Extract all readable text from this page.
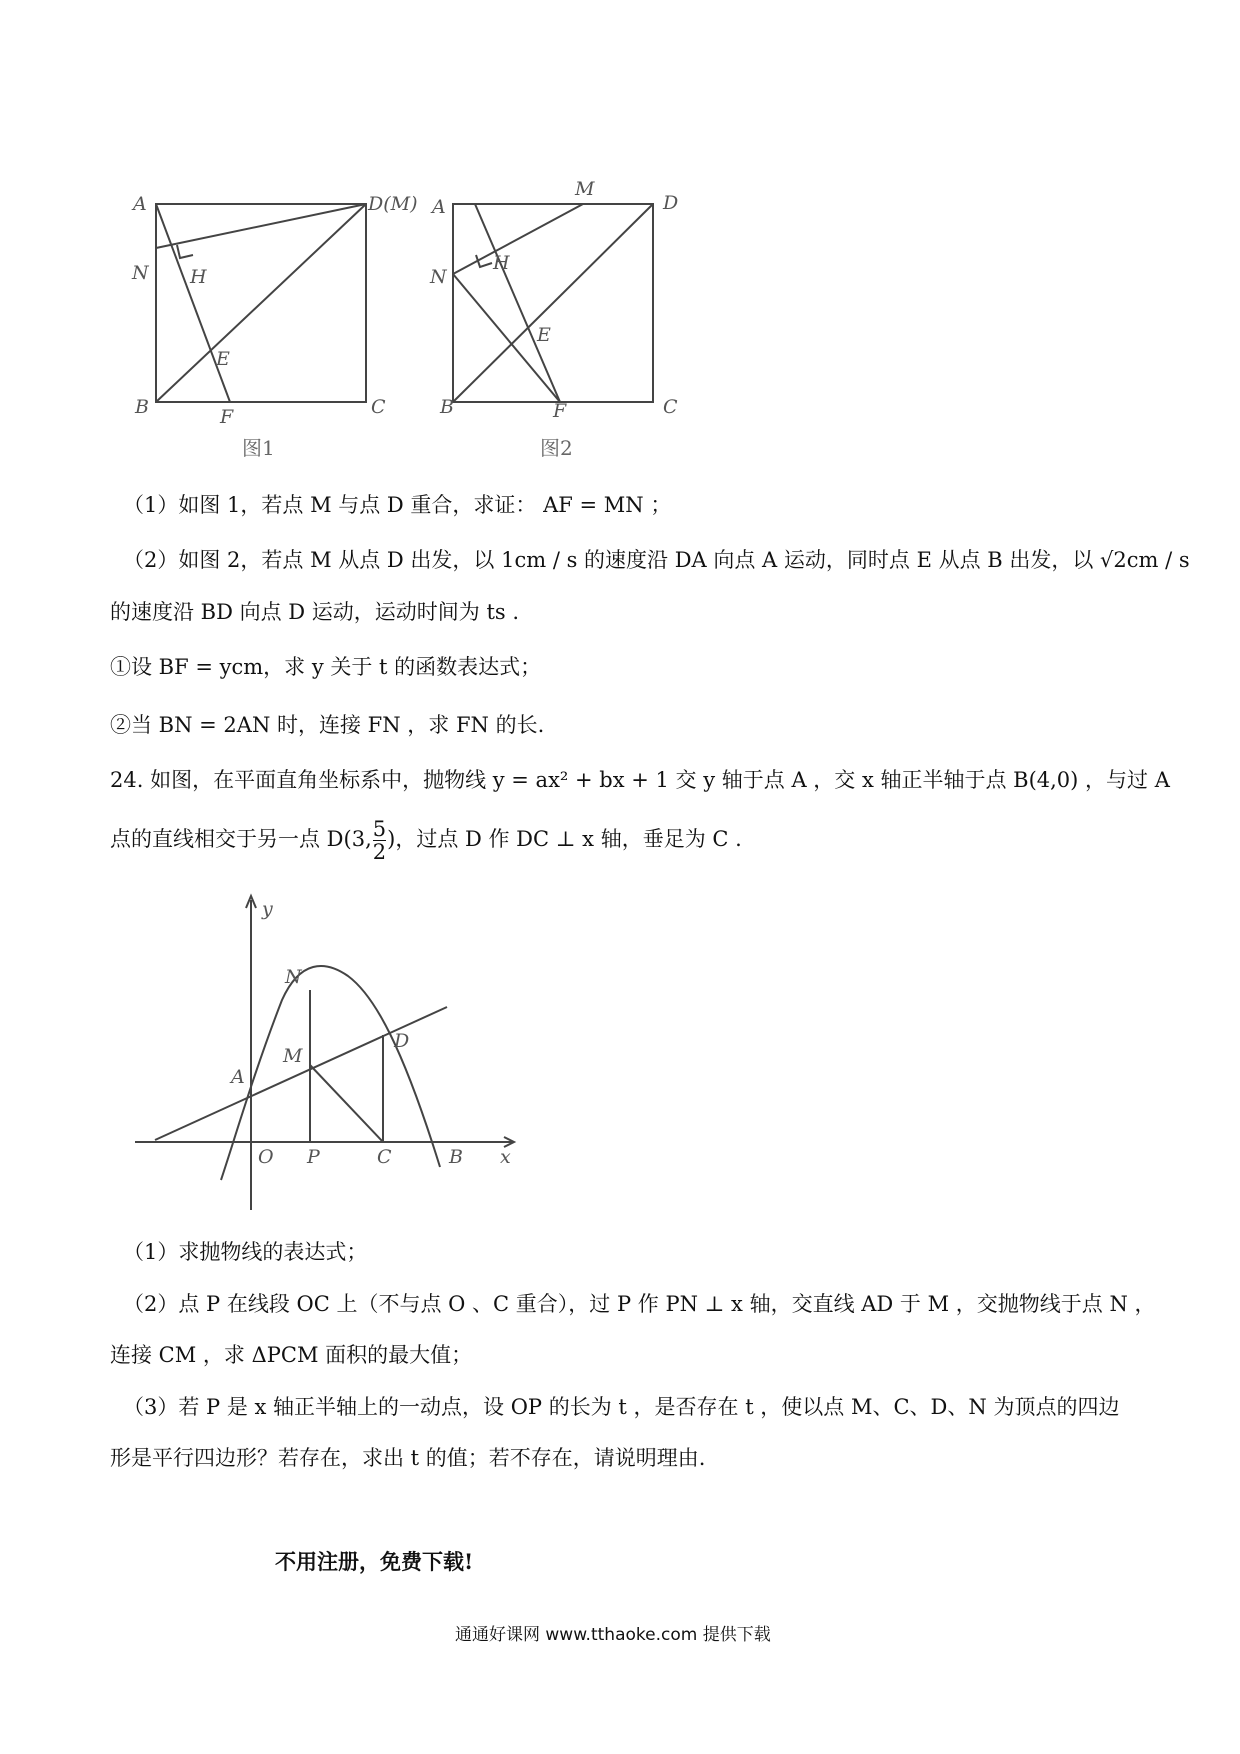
A	D(M)
N H
E
B	F	C
图1
A
M
D
N
H
E
B	F	C
图2
（1）如图 1，若点 M 与点 D 重合，求证： AF = MN ；
（2）如图 2，若点 M 从点 D 出发，以 1cm / s 的速度沿 DA 向点 A 运动，同时点 E 从点 B 出发，以 √2cm / s
的速度沿 BD 向点 D 运动，运动时间为 ts .
①设 BF = ycm，求 y 关于 t 的函数表达式；
②当 BN = 2AN 时，连接 FN ，求 FN 的长.
24. 如图，在平面直角坐标系中，抛物线 y = ax² + bx + 1 交 y 轴于点 A ，交 x 轴正半轴于点 B(4,0) ，与过 A
点的直线相交于另一点 D(3, $\frac{5}{2}$ )，过点 D 作 DC ⊥ x 轴，垂足为 C .
y
N
M
D
A
O P	C	B x
（1）求抛物线的表达式；
（2）点 P 在线段 OC 上（不与点 O 、C 重合），过 P 作 PN ⊥ x 轴，交直线 AD 于 M ，交抛物线于点 N ，
连接 CM ，求 ΔPCM 面积的最大值；
（3）若 P 是 x 轴正半轴上的一动点，设 OP 的长为 t ，是否存在 t ，使以点 M、C、D、N 为顶点的四边
形是平行四边形？若存在，求出 t 的值；若不存在，请说明理由.
不用注册，免费下载!
通通好课网 www.tthaoke.com 提供下载
